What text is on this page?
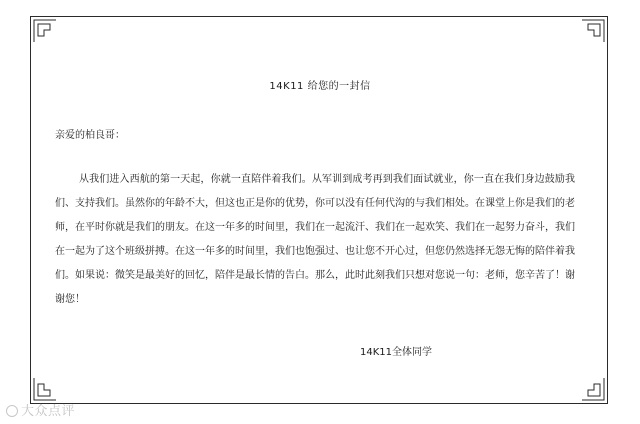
14K11 给您的一封信
亲爱的柏良哥：
从我们进入西航的第一天起，你就一直陪伴着我们。从军训到成考再到我们面试就业，你一直在我们身边鼓励我们、支持我们。虽然你的年龄不大，但这也正是你的优势，你可以没有任何代沟的与我们相处。在课堂上你是我们的老师，在平时你就是我们的朋友。在这一年多的时间里，我们在一起流汗、我们在一起欢笑、我们在一起努力奋斗，我们在一起为了这个班级拼搏。在这一年多的时间里，我们也饱强过、也让您不开心过，但您仍然选择无怨无悔的陪伴着我们。如果说：微笑是最美好的回忆，陪伴是最长情的告白。那么，此时此刻我们只想对您说一句：老师，您辛苦了！谢谢您！
14K11全体同学
大众点评
